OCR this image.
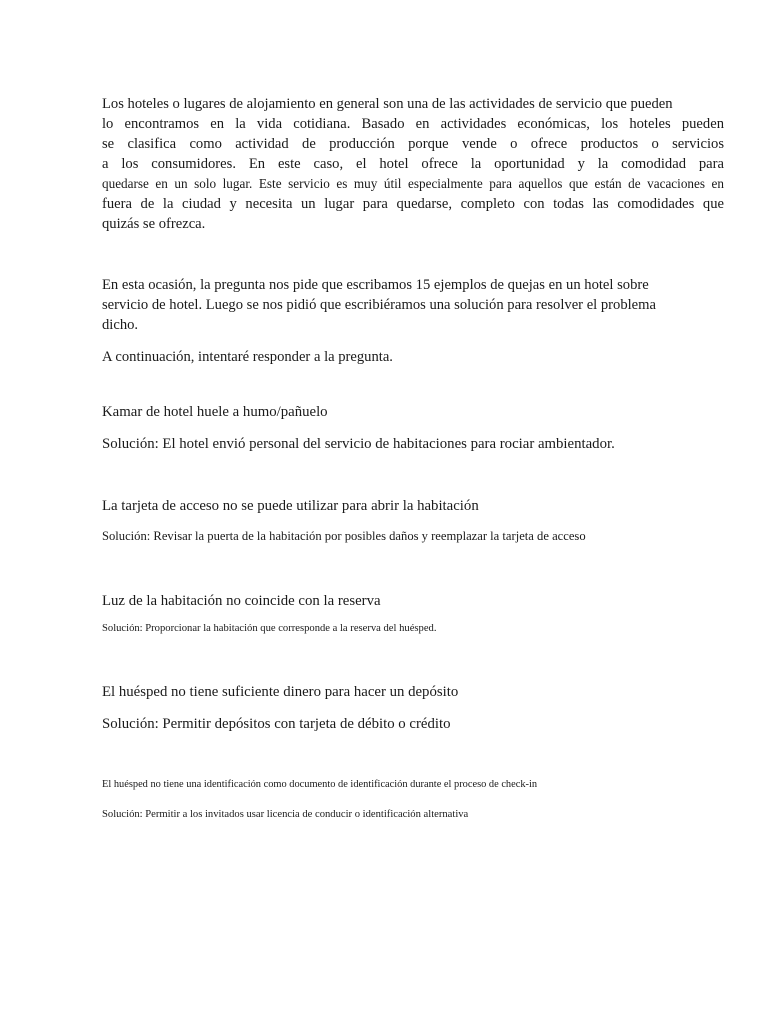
Los hoteles o lugares de alojamiento en general son una de las actividades de servicio que pueden

lo encontramos en la vida cotidiana. Basado en actividades económicas, los hoteles pueden

se clasifica como actividad de producción porque vende o ofrece productos o servicios

a los consumidores. En este caso, el hotel ofrece la oportunidad y la comodidad para

quedarse en un solo lugar. Este servicio es muy útil especialmente para aquellos que están de vacaciones en

fuera de la ciudad y necesita un lugar para quedarse, completo con todas las comodidades que

quizás se ofrezca.

En esta ocasión, la pregunta nos pide que escribamos 15 ejemplos de quejas en un hotel sobre

servicio de hotel. Luego se nos pidió que escribiéramos una solución para resolver el problema

dicho.

A continuación, intentaré responder a la pregunta.

Kamar de hotel huele a humo/pañuelo

Solución: El hotel envió personal del servicio de habitaciones para rociar ambientador.

La tarjeta de acceso no se puede utilizar para abrir la habitación

Solución: Revisar la puerta de la habitación por posibles daños y reemplazar la tarjeta de acceso

Luz de la habitación no coincide con la reserva

Solución: Proporcionar la habitación que corresponde a la reserva del huésped.

El huésped no tiene suficiente dinero para hacer un depósito

Solución: Permitir depósitos con tarjeta de débito o crédito

El huésped no tiene una identificación como documento de identificación durante el proceso de check-in

Solución: Permitir a los invitados usar licencia de conducir o identificación alternativa
